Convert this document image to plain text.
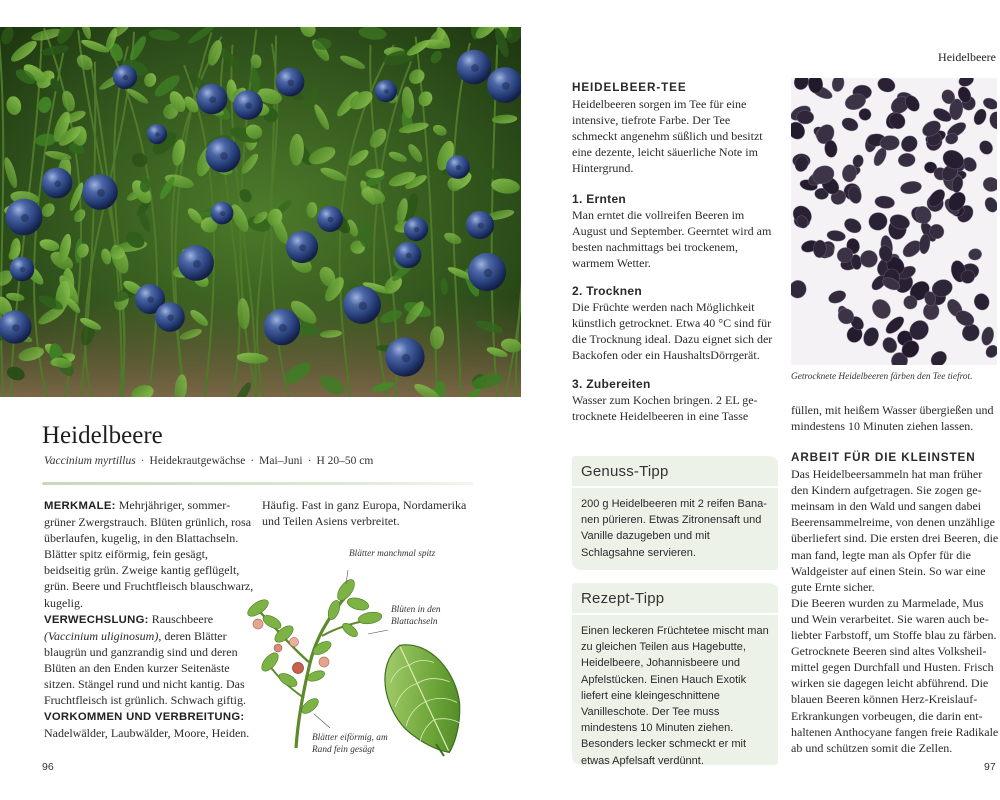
Heidelbeere
Vaccinium myrtillus · Heidekrautgewächse · Mai–Juni · H 20–50 cm

MERKMALE: Mehrjähriger, sommergrüner Zwergstrauch. Blüten grünlich, rosa überlaufen, kugelig, in den Blattachseln. Blätter spitz eiförmig, fein gesägt, beidseitig grün. Zweige kantig geflügelt, grün. Beere und Fruchtfleisch blauschwarz, kugelig.

VERWECHSLUNG: Rauschbeere (Vaccinium uliginosum), deren Blätter blaugrün und ganzrandig sind und deren Blüten an den Enden kurzer Seitenäste sitzen. Stängel rund und nicht kantig. Das Fruchtfleisch ist grünlich. Schwach giftig.

VORKOMMEN UND VERBREITUNG:
Nadelwälder, Laubwälder, Moore, Heiden.

Häufig. Fast in ganz Europa, Nordamerika und Teilen Asiens verbreitet.

Blätter manchmal spitz
Blüten in den Blattachseln
Blätter eiförmig, am Rand fein gesägt
96
Heidelbeere
HEIDELBEER-TEE

Heidelbeeren sorgen im Tee für eine intensive, tiefrote Farbe. Der Tee schmeckt angenehm süßlich und besitzt eine dezente, leicht säuerliche Note im Hintergrund.

1. Ernten

Man erntet die vollreifen Beeren im August und September. Geerntet wird am besten nachmittags bei trockenem, warmem Wetter.

2. Trocknen

Die Früchte werden nach Möglichkeit künstlich getrocknet. Etwa 40 °C sind für die Trocknung ideal. Dazu eignet sich der Backofen oder ein HaushaltsDörrgerät.

3. Zubereiten

Wasser zum Kochen bringen. 2 EL getrocknete Heidelbeeren in eine Tasse

Getrocknete Heidelbeeren färben den Tee tiefrot.
füllen, mit heißem Wasser übergießen und mindestens 10 Minuten ziehen lassen.
Genuss-Tipp
200 g Heidelbeeren mit 2 reifen Bananen pürieren. Etwas Zitronensaft und Vanille dazugeben und mit Schlagsahne servieren.
Rezept-Tipp
Einen leckeren Früchtetee mischt man zu gleichen Teilen aus Hagebutte, Heidelbeere, Johannisbeere und Apfelstücken. Einen Hauch Exotik liefert eine kleingeschnittene Vanilleschote. Der Tee muss mindestens 10 Minuten ziehen. Besonders lecker schmeckt er mit etwas Apfelsaft verdünnt.
ARBEIT FÜR DIE KLEINSTEN

Das Heidelbeersammeln hat man früher den Kindern aufgetragen. Sie zogen gemeinsam in den Wald und sangen dabei Beerensammelreime, von denen unzählige überliefert sind. Die ersten drei Beeren, die man fand, legte man als Opfer für die Waldgeister auf einen Stein. So war eine gute Ernte sicher.

Die Beeren wurden zu Marmelade, Mus und Wein verarbeitet. Sie waren auch beliebter Farbstoff, um Stoffe blau zu färben. Getrocknete Beeren sind altes Volksheilmittel gegen Durchfall und Husten. Frisch wirken sie dagegen leicht abführend. Die blauen Beeren können Herz-KreislaufErkrankungen vorbeugen, die darin enthaltenen Anthocyane fangen freie Radikale ab und schützen somit die Zellen.

97
